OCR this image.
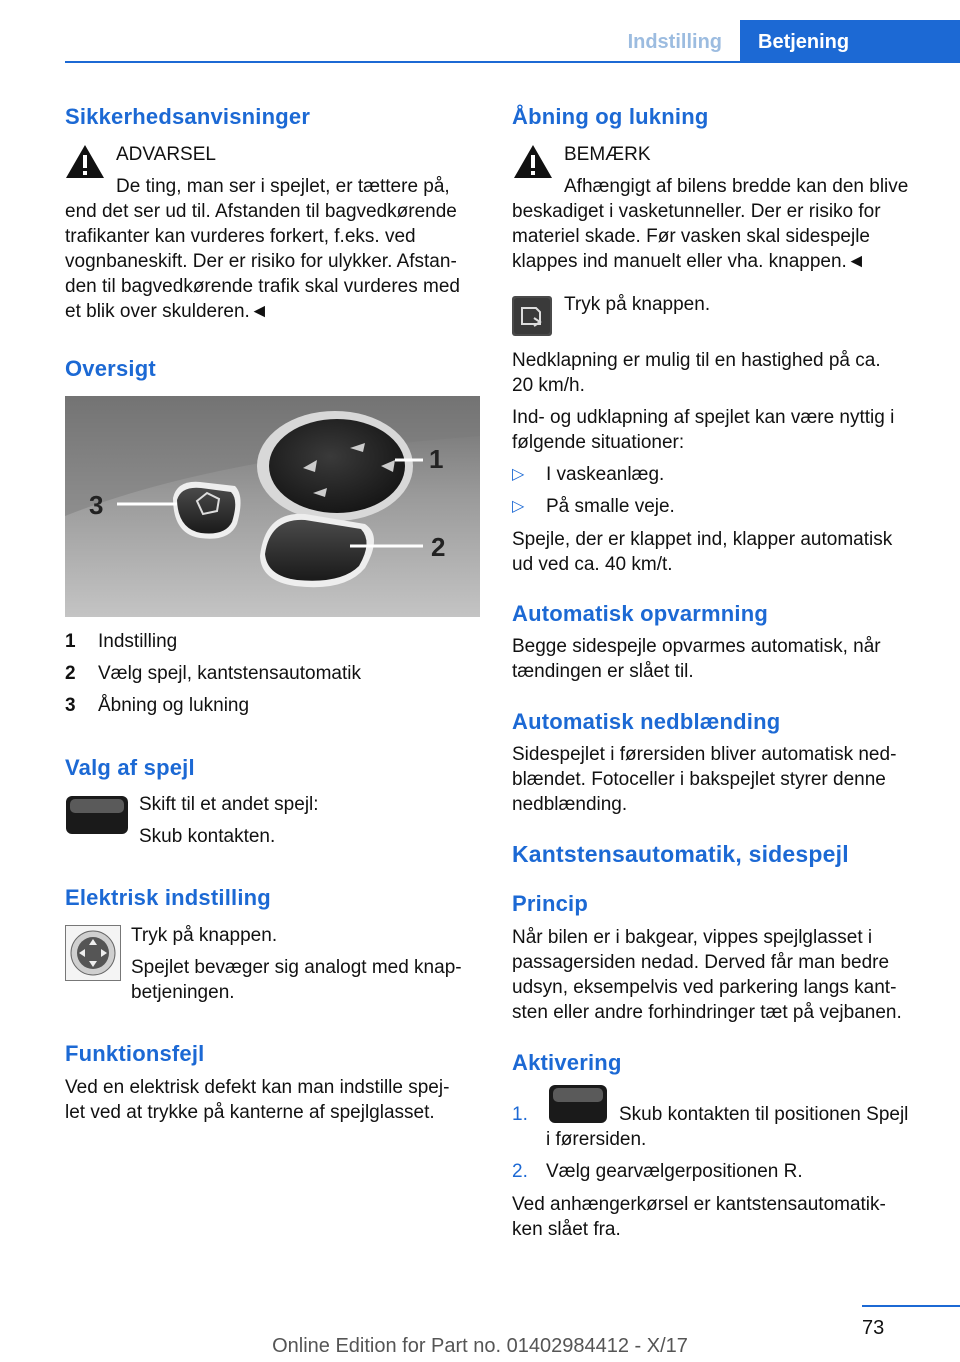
Indstilling	Betjening
Sikkerhedsanvisninger

ADVARSEL

De ting, man ser i spejlet, er tættere på,

end det ser ud til. Afstanden til bagvedkørende

trafikanter kan vurderes forkert, f.eks. ved

vognbaneskift. Der er risiko for ulykker. Afstan-

den til bagvedkørende trafik skal vurderes med

et blik over skulderen.◄

Oversigt
3
1
2

1 Indstilling

2 Vælg spejl, kantstensautomatik

3 Åbning og lukning

Valg af spejl

Skift til et andet spejl:

Skub kontakten.

Elektrisk indstilling

Tryk på knappen.

Spejlet bevæger sig analogt med knap-

betjeningen.

Funktionsfejl

Ved en elektrisk defekt kan man indstille spej-

let ved at trykke på kanterne af spejlglasset.

Åbning og lukning

BEMÆRK

Afhængigt af bilens bredde kan den blive

beskadiget i vasketunneller. Der er risiko for

materiel skade. Før vasken skal sidespejle

klappes ind manuelt eller vha. knappen.◄

Tryk på knappen.

Nedklapning er mulig til en hastighed på ca.

20 km/h.

Ind- og udklapning af spejlet kan være nyttig i

følgende situationer:

▷ I vaskeanlæg.

▷ På smalle veje.

Spejle, der er klappet ind, klapper automatisk

ud ved ca. 40 km/t.

Automatisk opvarmning

Begge sidespejle opvarmes automatisk, når

tændingen er slået til.

Automatisk nedblænding

Sidespejlet i førersiden bliver automatisk ned-

blændet. Fotoceller i bakspejlet styrer denne

nedblænding.

Kantstensautomatik, sidespejl
Princip

Når bilen er i bakgear, vippes spejlglasset i

passagersiden nedad. Derved får man bedre

udsyn, eksempelvis ved parkering langs kant-

sten eller andre forhindringer tæt på vejbanen.

Aktivering

1.	Skub kontakten til positionen Spejl

i førersiden.

2. Vælg gearvælgerpositionen R.

Ved anhængerkørsel er kantstensautomatik-

ken slået fra.

73

Online Edition for Part no. 01402984412 - X/17
